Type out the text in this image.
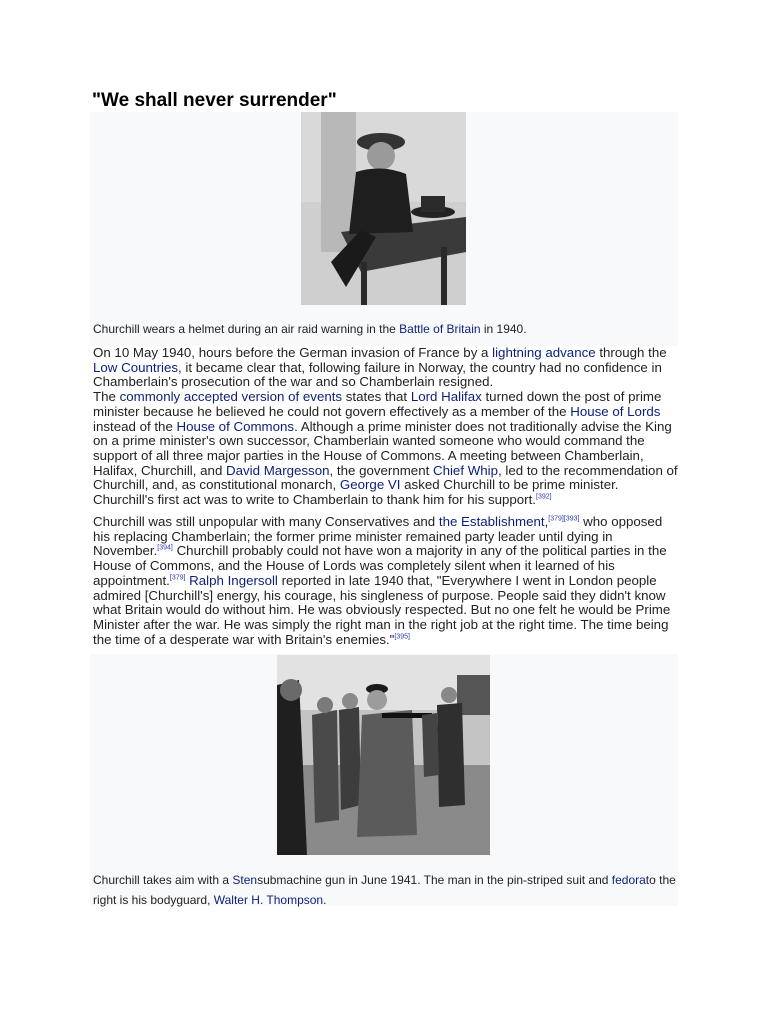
"We shall never surrender"
Churchill wears a helmet during an air raid warning in the Battle of Britain in 1940.

On 10 May 1940, hours before the German invasion of France by a lightning advance through the Low Countries, it became clear that, following failure in Norway, the country had no confidence in Chamberlain's prosecution of the war and so Chamberlain resigned.
The commonly accepted version of events states that Lord Halifax turned down the post of prime minister because he believed he could not govern effectively as a member of the House of Lords instead of the House of Commons. Although a prime minister does not traditionally advise the King on a prime minister's own successor, Chamberlain wanted someone who would command the support of all three major parties in the House of Commons. A meeting between Chamberlain, Halifax, Churchill, and David Margesson, the government Chief Whip, led to the recommendation of Churchill, and, as constitutional monarch, George VI asked Churchill to be prime minister. Churchill's first act was to write to Chamberlain to thank him for his support.[392]

Churchill was still unpopular with many Conservatives and the Establishment,[379][393] who opposed his replacing Chamberlain; the former prime minister remained party leader until dying in November.[394] Churchill probably could not have won a majority in any of the political parties in the House of Commons, and the House of Lords was completely silent when it learned of his appointment.[379] Ralph Ingersoll reported in late 1940 that, "Everywhere I went in London people admired [Churchill's] energy, his courage, his singleness of purpose. People said they didn't know what Britain would do without him. He was obviously respected. But no one felt he would be Prime Minister after the war. He was simply the right man in the right job at the right time. The time being the time of a desperate war with Britain's enemies."[395]

Churchill takes aim with a Stensubmachine gun in June 1941. The man in the pin-striped suit and fedorato the right is his bodyguard, Walter H. Thompson.
